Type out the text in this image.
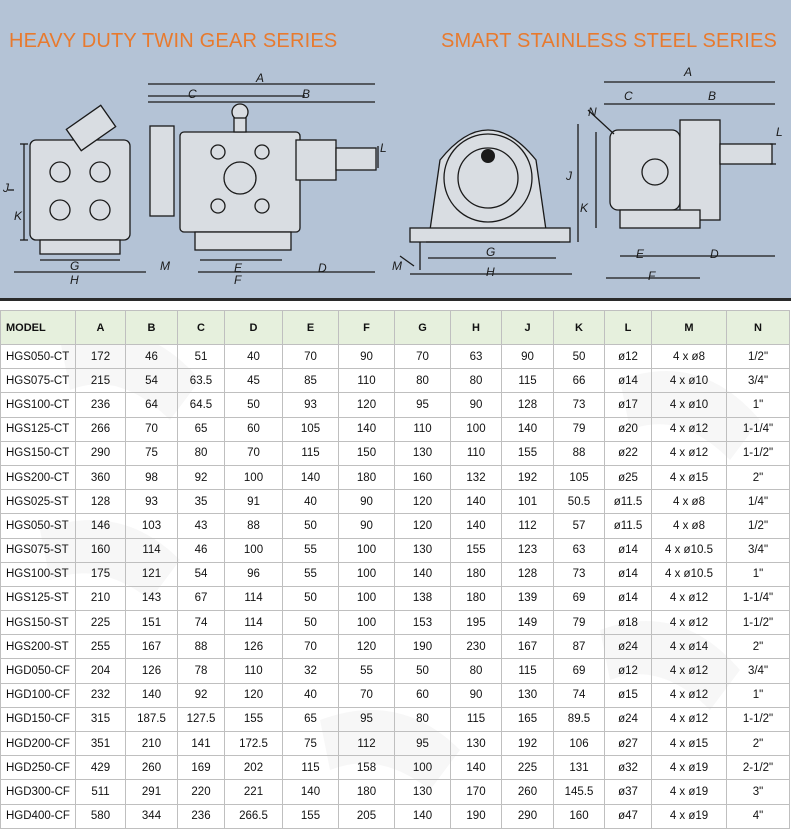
HEAVY DUTY TWIN GEAR SERIES	SMART STAINLESS STEEL SERIES
A
C	B
L
J
K
G
H
M	E
F
D
A
C	B
N
L
J
K
G
H
M
E	D
F
MODEL	A	B	C	D	E	F	G	H	J	K	L	M	N
HGS050-CT	172	46	51	40	70	90	70	63	90	50	ø12	4 x ø8	1/2"
HGS075-CT	215	54	63.5	45	85	110	80	80	115	66	ø14	4 x ø10	3/4"
HGS100-CT	236	64	64.5	50	93	120	95	90	128	73	ø17	4 x ø10	1"
HGS125-CT	266	70	65	60	105	140	110	100	140	79	ø20	4 x ø12	1-1/4"
HGS150-CT	290	75	80	70	115	150	130	110	155	88	ø22	4 x ø12	1-1/2"
HGS200-CT	360	98	92	100	140	180	160	132	192	105	ø25	4 x ø15	2"
HGS025-ST	128	93	35	91	40	90	120	140	101	50.5	ø11.5	4 x ø8	1/4"
HGS050-ST	146	103	43	88	50	90	120	140	112	57	ø11.5	4 x ø8	1/2"
HGS075-ST	160	114	46	100	55	100	130	155	123	63	ø14	4 x ø10.5	3/4"
HGS100-ST	175	121	54	96	55	100	140	180	128	73	ø14	4 x ø10.5	1"
HGS125-ST	210	143	67	114	50	100	138	180	139	69	ø14	4 x ø12	1-1/4"
HGS150-ST	225	151	74	114	50	100	153	195	149	79	ø18	4 x ø12	1-1/2"
HGS200-ST	255	167	88	126	70	120	190	230	167	87	ø24	4 x ø14	2"
HGD050-CF	204	126	78	110	32	55	50	80	115	69	ø12	4 x ø12	3/4"
HGD100-CF	232	140	92	120	40	70	60	90	130	74	ø15	4 x ø12	1"
HGD150-CF	315	187.5	127.5	155	65	95	80	115	165	89.5	ø24	4 x ø12	1-1/2"
HGD200-CF	351	210	141	172.5	75	112	95	130	192	106	ø27	4 x ø15	2"
HGD250-CF	429	260	169	202	115	158	100	140	225	131	ø32	4 x ø19	2-1/2"
HGD300-CF	511	291	220	221	140	180	130	170	260	145.5	ø37	4 x ø19	3"
HGD400-CF	580	344	236	266.5	155	205	140	190	290	160	ø47	4 x ø19	4"
